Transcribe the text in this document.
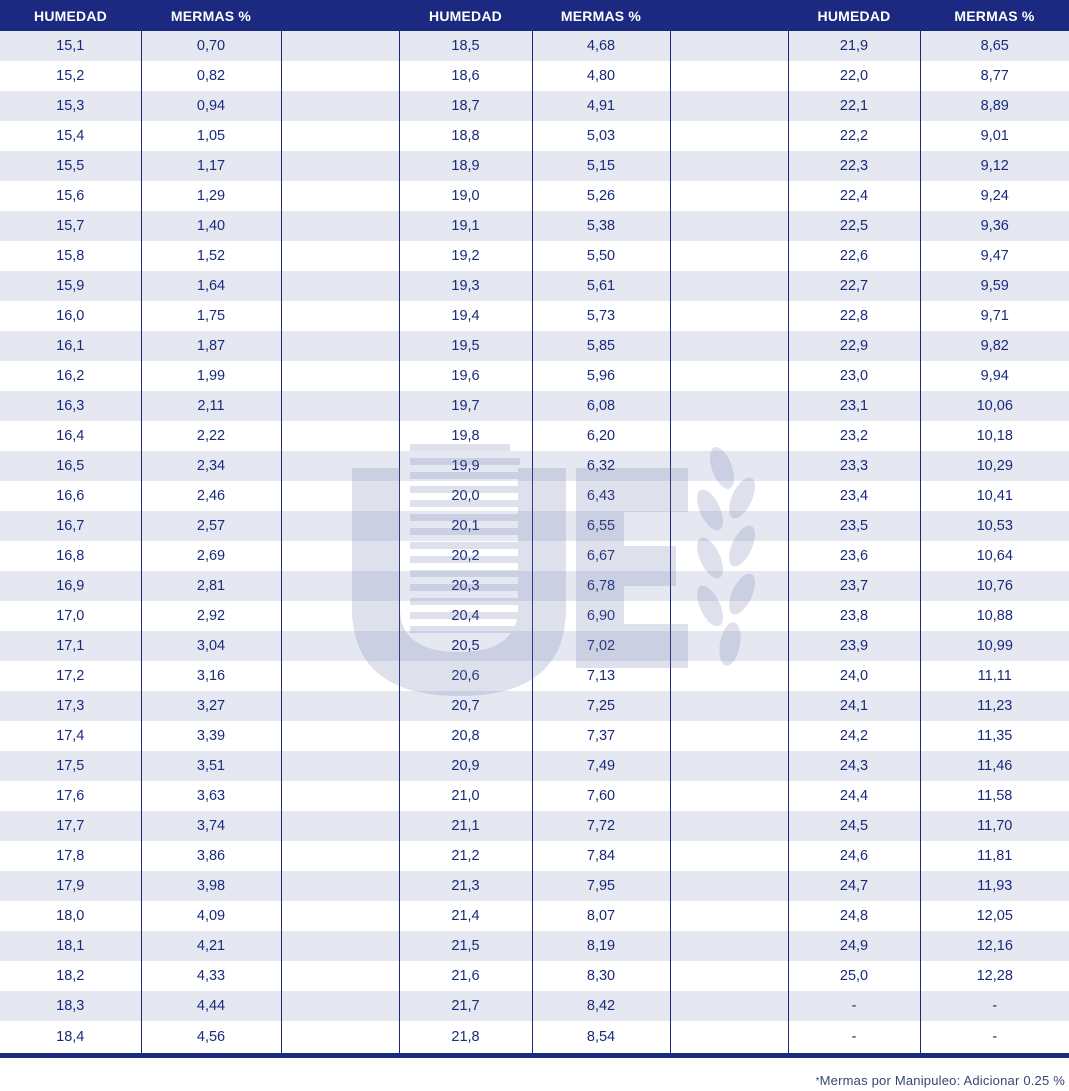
HUMEDAD	MERMAS %		HUMEDAD	MERMAS %		HUMEDAD	MERMAS %
15,1	0,70		18,5	4,68		21,9	8,65
15,2	0,82		18,6	4,80		22,0	8,77
15,3	0,94		18,7	4,91		22,1	8,89
15,4	1,05		18,8	5,03		22,2	9,01
15,5	1,17		18,9	5,15		22,3	9,12
15,6	1,29		19,0	5,26		22,4	9,24
15,7	1,40		19,1	5,38		22,5	9,36
15,8	1,52		19,2	5,50		22,6	9,47
15,9	1,64		19,3	5,61		22,7	9,59
16,0	1,75		19,4	5,73		22,8	9,71
16,1	1,87		19,5	5,85		22,9	9,82
16,2	1,99		19,6	5,96		23,0	9,94
16,3	2,11		19,7	6,08		23,1	10,06
16,4	2,22		19,8	6,20		23,2	10,18
16,5	2,34		19,9	6,32		23,3	10,29
16,6	2,46		20,0	6,43		23,4	10,41
16,7	2,57		20,1	6,55		23,5	10,53
16,8	2,69		20,2	6,67		23,6	10,64
16,9	2,81		20,3	6,78		23,7	10,76
17,0	2,92		20,4	6,90		23,8	10,88
17,1	3,04		20,5	7,02		23,9	10,99
17,2	3,16		20,6	7,13		24,0	11,11
17,3	3,27		20,7	7,25		24,1	11,23
17,4	3,39		20,8	7,37		24,2	11,35
17,5	3,51		20,9	7,49		24,3	11,46
17,6	3,63		21,0	7,60		24,4	11,58
17,7	3,74		21,1	7,72		24,5	11,70
17,8	3,86		21,2	7,84		24,6	11,81
17,9	3,98		21,3	7,95		24,7	11,93
18,0	4,09		21,4	8,07		24,8	12,05
18,1	4,21		21,5	8,19		24,9	12,16
18,2	4,33		21,6	8,30		25,0	12,28
18,3	4,44		21,7	8,42		-	-
18,4	4,56		21,8	8,54		-	-
*Mermas por Manipuleo: Adicionar 0.25 %
